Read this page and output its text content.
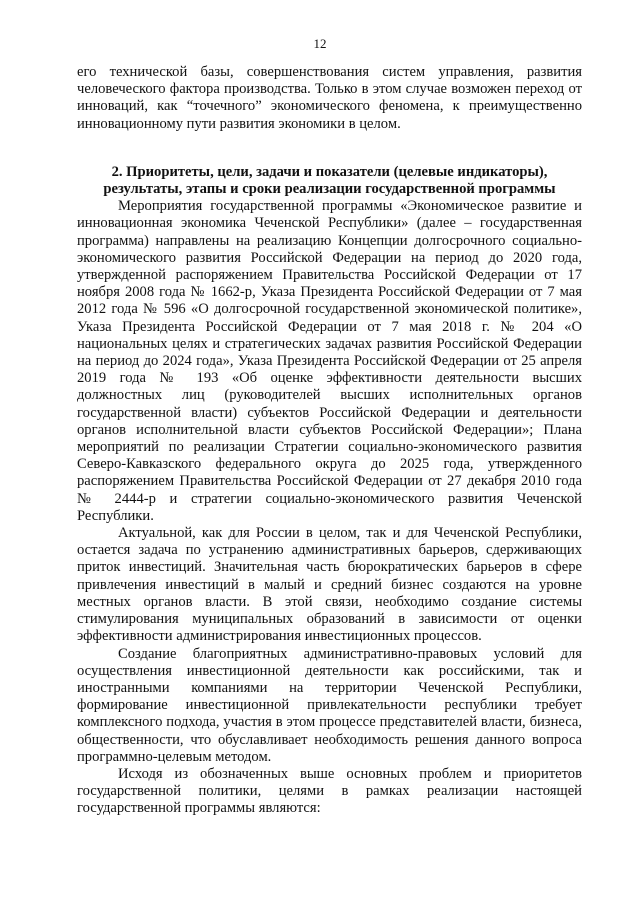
12

его технической базы, совершенствования систем управления, развития человеческого фактора производства. Только в этом случае возможен переход от инноваций, как “точечного” экономического феномена, к преимущественно инновационному пути развития экономики в целом.

2. Приоритеты, цели, задачи и показатели (целевые индикаторы),
результаты, этапы и сроки реализации государственной программы

Мероприятия государственной программы «Экономическое развитие и инновационная экономика Чеченской Республики» (далее – государственная программа) направлены на реализацию Концепции долгосрочного социально-экономического развития Российской Федерации на период до 2020 года, утвержденной распоряжением Правительства Российской Федерации от 17 ноября 2008 года № 1662-р, Указа Президента Российской Федерации от 7 мая 2012 года № 596 «О долгосрочной государственной экономической политике», Указа Президента Российской Федерации от 7 мая 2018 г. № 204 «О национальных целях и стратегических задачах развития Российской Федерации на период до 2024 года», Указа Президента Российской Федерации от 25 апреля 2019 года № 193 «Об оценке эффективности деятельности высших должностных лиц (руководителей высших исполнительных органов государственной власти) субъектов Российской Федерации и деятельности органов исполнительной власти субъектов Российской Федерации»; Плана мероприятий по реализации Стратегии социально-экономического развития Северо-Кавказского федерального округа до 2025 года, утвержденного распоряжением Правительства Российской Федерации от 27 декабря 2010 года № 2444-р и стратегии социально-экономического развития Чеченской Республики.

Актуальной, как для России в целом, так и для Чеченской Республики, остается задача по устранению административных барьеров, сдерживающих приток инвестиций. Значительная часть бюрократических барьеров в сфере привлечения инвестиций в малый и средний бизнес создаются на уровне местных органов власти. В этой связи, необходимо создание системы стимулирования муниципальных образований в зависимости от оценки эффективности администрирования инвестиционных процессов.

Создание благоприятных административно-правовых условий для осуществления инвестиционной деятельности как российскими, так и иностранными компаниями на территории Чеченской Республики, формирование инвестиционной привлекательности республики требует комплексного подхода, участия в этом процессе представителей власти, бизнеса, общественности, что обуславливает необходимость решения данного вопроса программно-целевым методом.

Исходя из обозначенных выше основных проблем и приоритетов государственной политики, целями в рамках реализации настоящей государственной программы являются:
